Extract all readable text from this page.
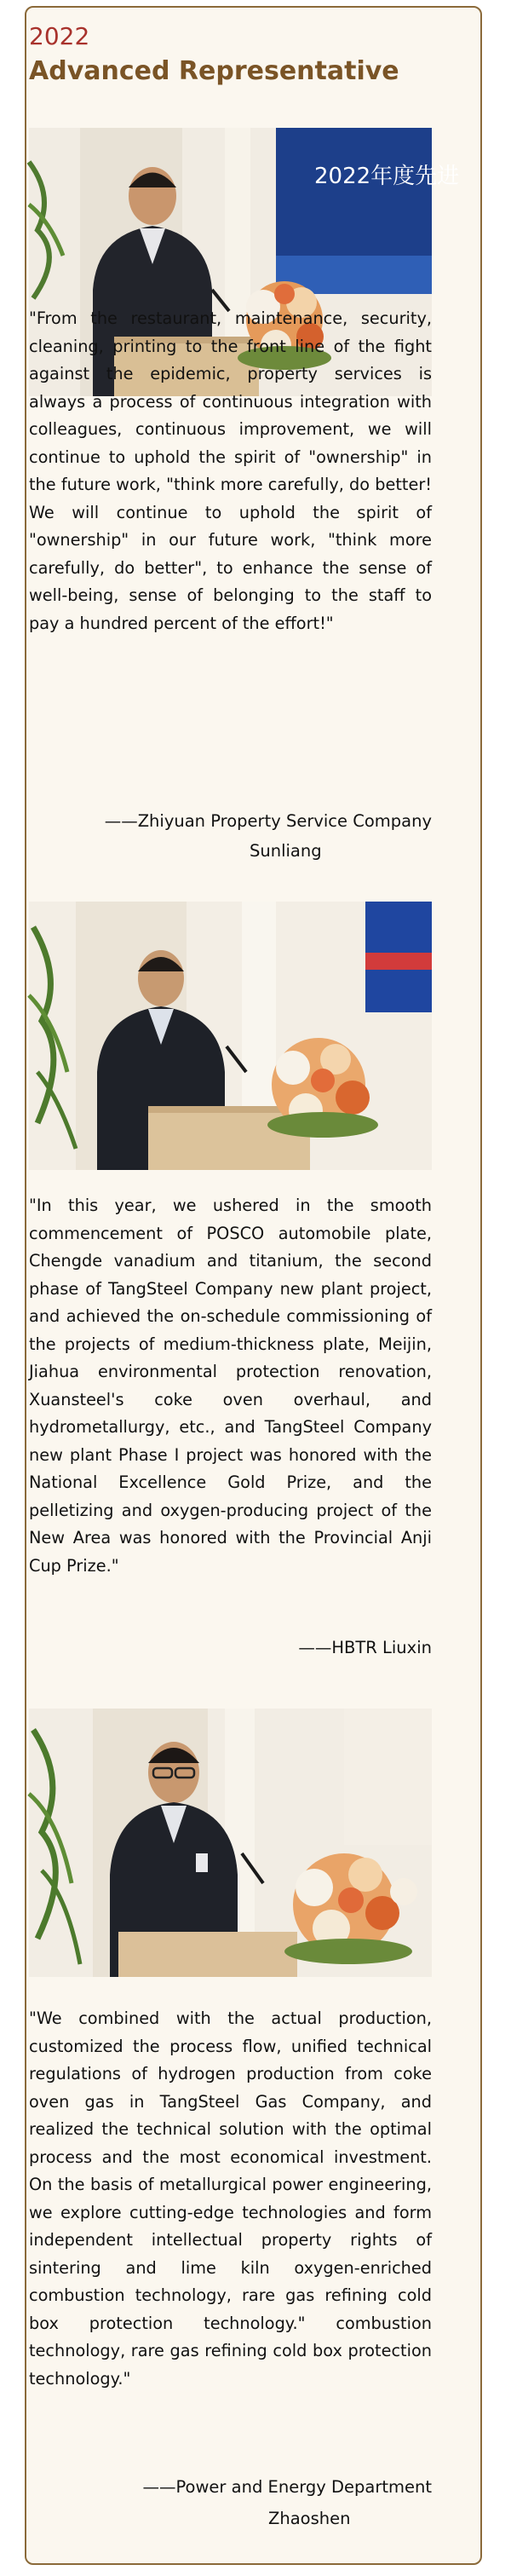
2022
Advanced Representative
2022年度先进

"From the restaurant, maintenance, security, cleaning, printing to the front line of the fight against the epidemic, property services is always a process of continuous integration with colleagues, continuous improvement, we will continue to uphold the spirit of "ownership" in the future work, "think more carefully, do better! We will continue to uphold the spirit of "ownership" in our future work, "think more carefully, do better", to enhance the sense of well-being, sense of belonging to the staff to pay a hundred percent of the effort!"

——Zhiyuan Property Service Company
Sunliang

"In this year, we ushered in the smooth commencement of POSCO automobile plate, Chengde vanadium and titanium, the second phase of TangSteel Company new plant project, and achieved the on-schedule commissioning of the projects of medium-thickness plate, Meijin, Jiahua environmental protection renovation, Xuansteel's coke oven overhaul, and hydrometallurgy, etc., and TangSteel Company new plant Phase I project was honored with the National Excellence Gold Prize, and the pelletizing and oxygen-producing project of the New Area was honored with the Provincial Anji Cup Prize."

——HBTR Liuxin

"We combined with the actual production, customized the process flow, unified technical regulations of hydrogen production from coke oven gas in TangSteel Gas Company, and realized the technical solution with the optimal process and the most economical investment. On the basis of metallurgical power engineering, we explore cutting-edge technologies and form independent intellectual property rights of sintering and lime kiln oxygen-enriched combustion technology, rare gas refining cold box protection technology." combustion technology, rare gas refining cold box protection technology."

——Power and Energy Department
Zhaoshen
